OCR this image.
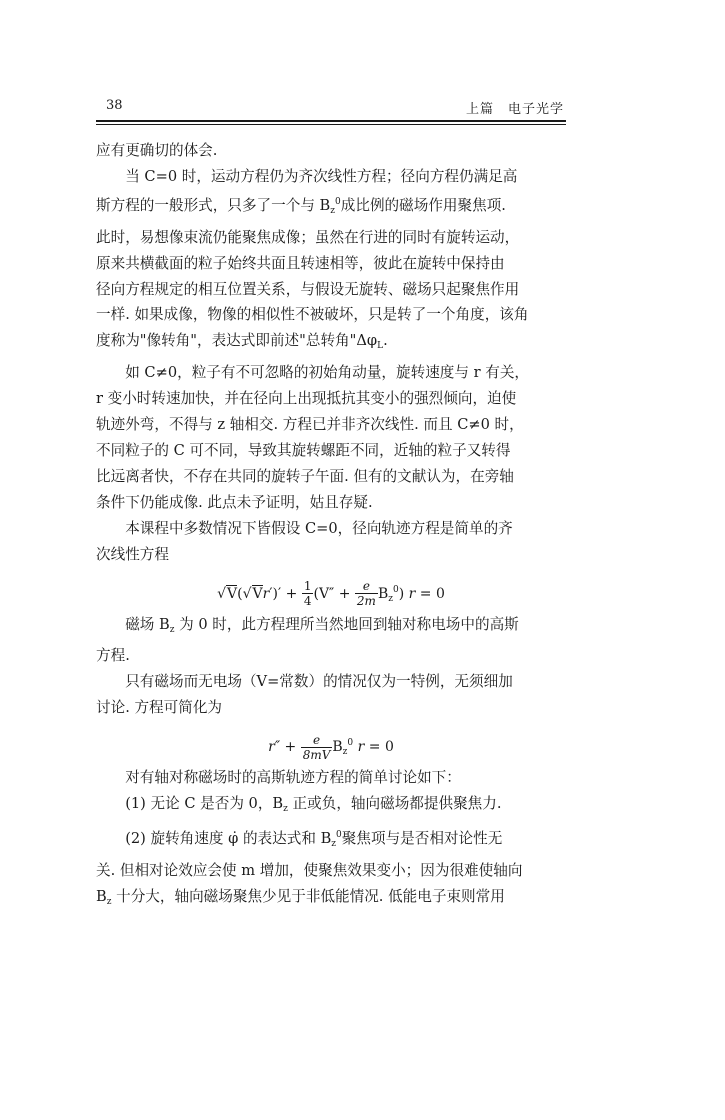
38	上篇　电子光学

应有更确切的体会.

当 C=0 时，运动方程仍为齐次线性方程；径向方程仍满足高
斯方程的一般形式，只多了一个与 $B_z^0$成比例的磁场作用聚焦项.
此时，易想像束流仍能聚焦成像；虽然在行进的同时有旋转运动，
原来共横截面的粒子始终共面且转速相等，彼此在旋转中保持由
径向方程规定的相互位置关系，与假设无旋转、磁场只起聚焦作用
一样. 如果成像，物像的相似性不被破坏，只是转了一个角度，该角
度称为"像转角"，表达式即前述"总转角"$\Delta\varphi_L$.

如 C≠0，粒子有不可忽略的初始角动量，旋转速度与 r 有关，
r 变小时转速加快，并在径向上出现抵抗其变小的强烈倾向，迫使
轨迹外弯，不得与 z 轴相交. 方程已并非齐次线性. 而且 C≠0 时，
不同粒子的 C 可不同，导致其旋转螺距不同，近轴的粒子又转得
比远离者快，不存在共同的旋转子午面. 但有的文献认为，在旁轴
条件下仍能成像. 此点未予证明，姑且存疑.

本课程中多数情况下皆假设 C=0，径向轨迹方程是简单的齐
次线性方程

$√V(√Vr')' + \frac{1}{4} (V'' + \frac{e}{2m} B_z^0) r = 0$

磁场 $B_z$ 为 0 时，此方程理所当然地回到轴对称电场中的高斯
方程.

只有磁场而无电场（V=常数）的情况仅为一特例，无须细加
讨论. 方程可简化为

$r'' + \frac{e}{8mV} B_z^0$ r = 0

对有轴对称磁场时的高斯轨迹方程的简单讨论如下：

(1) 无论 C 是否为 0，$B_z$ 正或负，轴向磁场都提供聚焦力.

(2) 旋转角速度 φ̇ 的表达式和 $B_z^0$聚焦项与是否相对论性无
关. 但相对论效应会使 m 增加，使聚焦效果变小；因为很难使轴向
$B_z$ 十分大，轴向磁场聚焦少见于非低能情况. 低能电子束则常用
